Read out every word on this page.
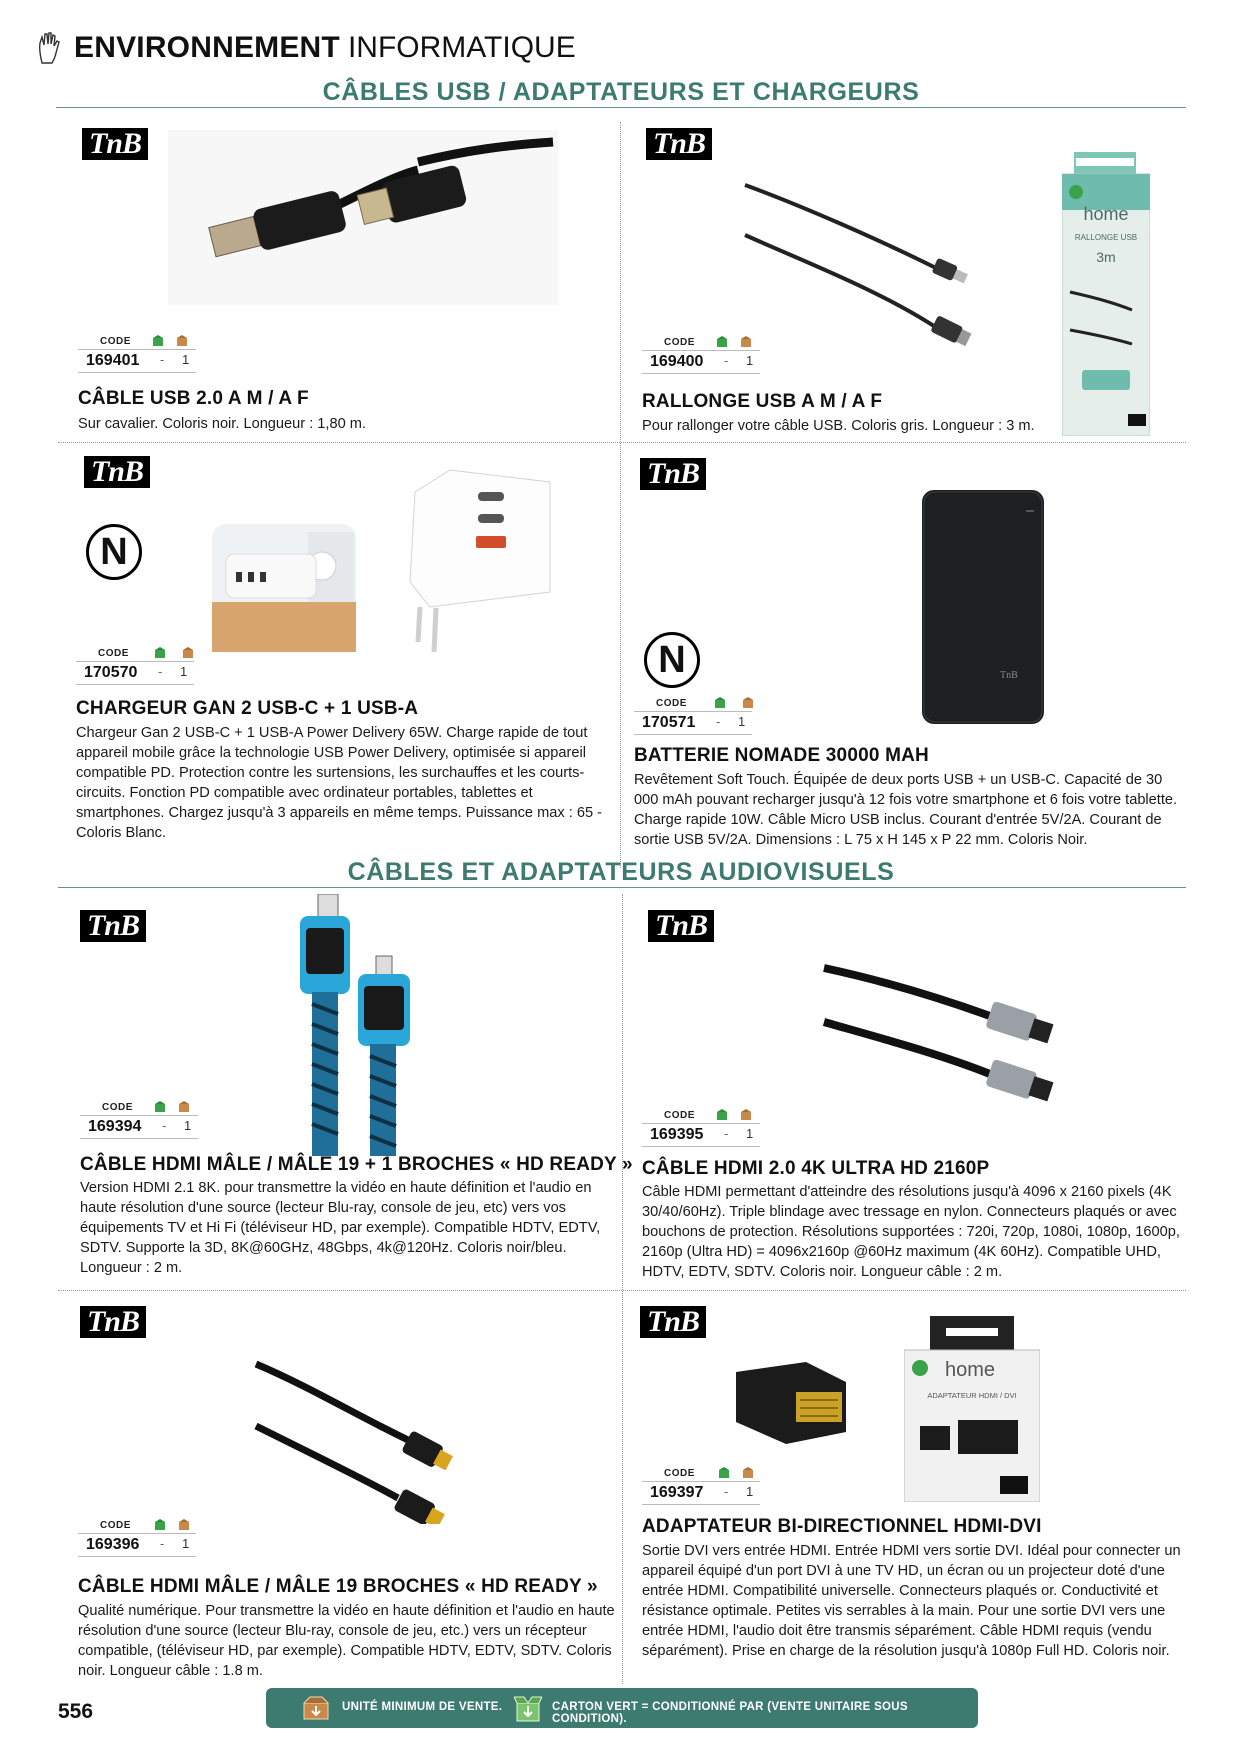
ENVIRONNEMENT INFORMATIQUE
CÂBLES USB / ADAPTATEURS ET CHARGEURS
TnB
CODE
169401 - 1
CÂBLE USB 2.0 A M / A F
Sur cavalier. Coloris noir. Longueur : 1,80 m.
TnB
home
RALLONGE USB
3m
CODE
169400 - 1
RALLONGE USB A M / A F
Pour rallonger votre câble USB. Coloris gris. Longueur : 3 m.
TnB
N
CODE
170570 - 1
CHARGEUR GAN 2 USB-C + 1 USB-A
Chargeur Gan 2 USB-C + 1 USB-A Power Delivery 65W. Charge rapide de tout appareil mobile grâce la technologie USB Power Delivery, optimisée si appareil compatible PD. Protection contre les surtensions, les surchauffes et les courts-circuits. Fonction PD compatible avec ordinateur portables, tablettes et smartphones. Chargez jusqu'à 3 appareils en même temps. Puissance max : 65 - Coloris Blanc.
TnB
TnB
N
CODE
170571 - 1
BATTERIE NOMADE 30000 MAH
Revêtement Soft Touch. Équipée de deux ports USB + un USB-C. Capacité de 30 000 mAh pouvant recharger jusqu'à 12 fois votre smartphone et 6 fois votre tablette. Charge rapide 10W. Câble Micro USB inclus. Courant d'entrée 5V/2A. Courant de sortie USB 5V/2A. Dimensions : L 75 x H 145 x P 22 mm. Coloris Noir.
CÂBLES ET ADAPTATEURS AUDIOVISUELS
TnB
CODE
169394 - 1
CÂBLE HDMI MÂLE / MÂLE 19 + 1 BROCHES « HD READY »
Version HDMI 2.1 8K. pour transmettre la vidéo en haute définition et l'audio en haute résolution d'une source (lecteur Blu-ray, console de jeu, etc) vers vos équipements TV et Hi Fi (téléviseur HD, par exemple). Compatible HDTV, EDTV, SDTV. Supporte la 3D, 8K@60GHz, 48Gbps, 4k@120Hz. Coloris noir/bleu. Longueur : 2 m.
TnB
CODE
169395 - 1
CÂBLE HDMI 2.0 4K ULTRA HD 2160P
Câble HDMI permettant d'atteindre des résolutions jusqu'à 4096 x 2160 pixels (4K 30/40/60Hz). Triple blindage avec tressage en nylon. Connecteurs plaqués or avec bouchons de protection. Résolutions supportées : 720i, 720p, 1080i, 1080p, 1600p, 2160p (Ultra HD) = 4096x2160p @60Hz maximum (4K 60Hz). Compatible UHD, HDTV, EDTV, SDTV. Coloris noir. Longueur câble : 2 m.
TnB
CODE
169396 - 1
CÂBLE HDMI MÂLE / MÂLE 19 BROCHES « HD READY »
Qualité numérique. Pour transmettre la vidéo en haute définition et l'audio en haute résolution d'une source (lecteur Blu-ray, console de jeu, etc.) vers un récepteur compatible, (téléviseur HD, par exemple). Compatible HDTV, EDTV, SDTV. Coloris noir. Longueur câble : 1.8 m.
TnB
home
ADAPTATEUR HDMI / DVI
CODE
169397 - 1
ADAPTATEUR BI-DIRECTIONNEL HDMI-DVI
Sortie DVI vers entrée HDMI. Entrée HDMI vers sortie DVI. Idéal pour connecter un appareil équipé d'un port DVI à une TV HD, un écran ou un projecteur doté d'une entrée HDMI. Compatibilité universelle. Connecteurs plaqués or. Conductivité et résistance optimale. Petites vis serrables à la main. Pour une sortie DVI vers une entrée HDMI, l'audio doit être transmis séparément. Câble HDMI requis (vendu séparément). Prise en charge de la résolution jusqu'à 1080p Full HD. Coloris noir.
556	UNITÉ MINIMUM DE VENTE.	CARTON VERT = CONDITIONNÉ PAR (VENTE UNITAIRE SOUS CONDITION).
